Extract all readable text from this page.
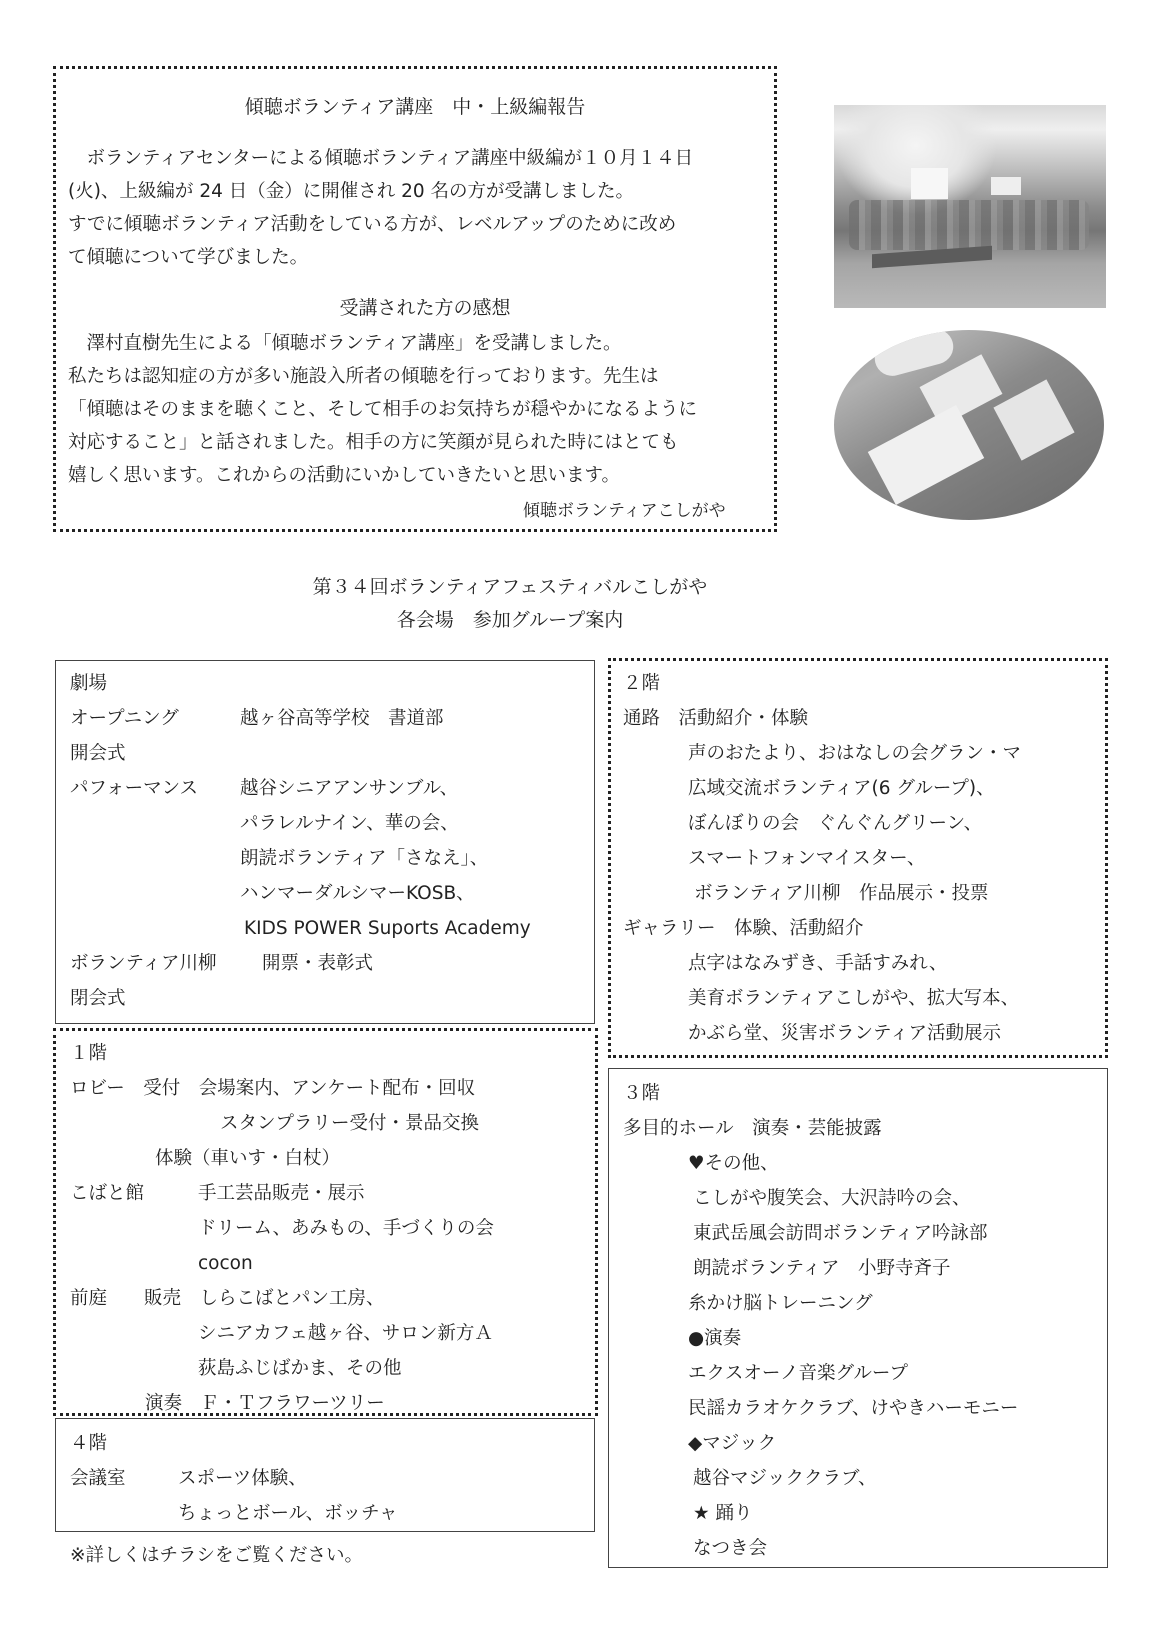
傾聴ボランティア講座　中・上級編報告
　ボランティアセンターによる傾聴ボランティア講座中級編が１０月１４日
(火)、上級編が 24 日（金）に開催され 20 名の方が受講しました。
すでに傾聴ボランティア活動をしている方が、レベルアップのために改め
て傾聴について学びました。
受講された方の感想
　澤村直樹先生による「傾聴ボランティア講座」を受講しました。
私たちは認知症の方が多い施設入所者の傾聴を行っております。先生は
「傾聴はそのままを聴くこと、そして相手のお気持ちが穏やかになるように
対応すること」と話されました。相手の方に笑顔が見られた時にはとても
嬉しく思います。これからの活動にいかしていきたいと思います。
傾聴ボランティアこしがや
第３４回ボランティアフェスティバルこしがや
各会場　参加グループ案内
劇場
オープニング	越ヶ谷高等学校　書道部
開会式
パフォーマンス 越谷シニアアンサンブル、
パラレルナイン、華の会、
朗読ボランティア「さなえ」、
ハンマーダルシマーKOSB、
KIDS POWER Suports Academy
ボランティア川柳 開票・表彰式
閉会式
１階
ロビー　受付　会場案内、アンケート配布・回収
スタンプラリー受付・景品交換
体験（車いす・白杖）
こばと館	手工芸品販売・展示
ドリーム、あみもの、手づくりの会
cocon
前庭　　販売　しらこばとパン工房、
シニアカフェ越ヶ谷、サロン新方Ａ
荻島ふじばかま、その他
演奏　Ｆ・Ｔフラワーツリー
４階
会議室	スポーツ体験、
ちょっとボール、ボッチャ
※詳しくはチラシをご覧ください。
２階
通路　活動紹介・体験
声のおたより、おはなしの会グラン・マ
広域交流ボランティア(6 グループ)、
ぼんぼりの会　ぐんぐんグリーン、
スマートフォンマイスター、
ボランティア川柳　作品展示・投票
ギャラリー　体験、活動紹介
点字はなみずき、手話すみれ、
美育ボランティアこしがや、拡大写本、
かぶら堂、災害ボランティア活動展示
３階
多目的ホール　演奏・芸能披露
♥その他、
こしがや腹笑会、大沢詩吟の会、
東武岳風会訪問ボランティア吟詠部
朗読ボランティア　小野寺斉子
糸かけ脳トレーニング
●演奏
エクスオーノ音楽グループ
民謡カラオケクラブ、けやきハーモニー
◆マジック
越谷マジッククラブ、
★ 踊り
なつき会
